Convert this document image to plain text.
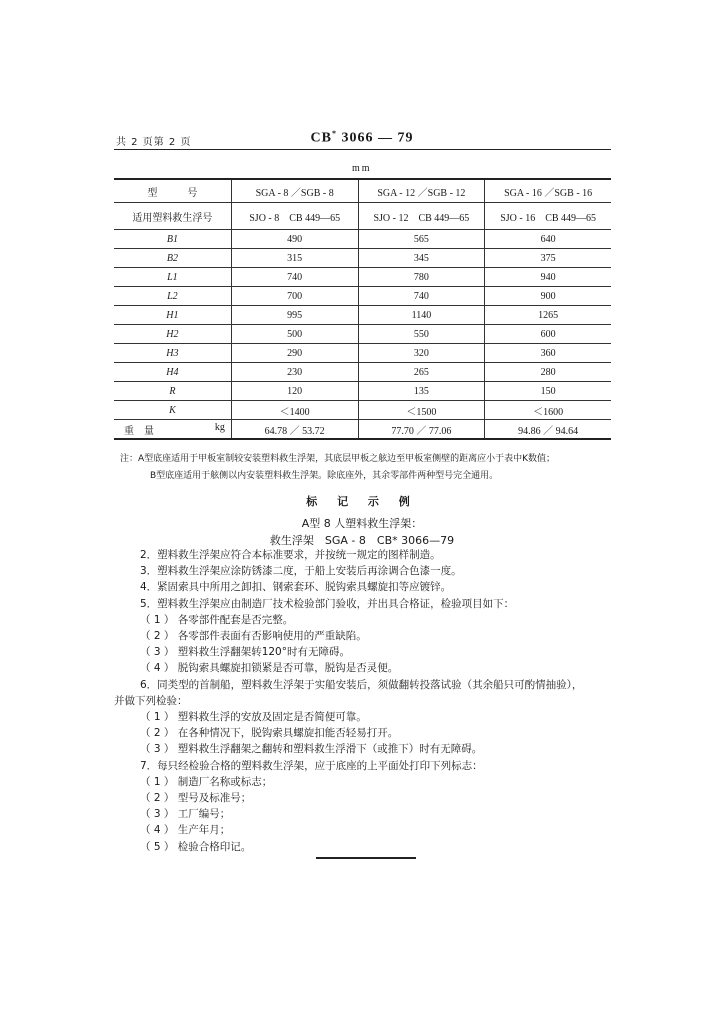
共 2 页第 2 页	CB* 3066 — 79
mm
型　　　号	SGA - 8 ／SGB - 8	SGA - 12 ／SGB - 12	SGA - 16 ／SGB - 16
适用塑料救生浮号	SJO - 8　CB 449—65	SJO - 12　CB 449—65	SJO - 16　CB 449—65
B1	490	565	640
B2	315	345	375
L1	740	780	940
L2	700	740	900
H1	995	1140	1265
H2	500	550	600
H3	290	320	360
H4	230	265	280
R	120	135	150
K	＜1400	＜1500	＜1600

重　量 kg	64.78 ／ 53.72	77.70 ／ 77.06	94.86 ／ 94.64
注：A型底座适用于甲板室制较安装塑料救生浮架，其底层甲板之舷边至甲板室侧壁的距离应小于表中K数值；
B型底座适用于舷侧以内安装塑料救生浮架。除底座外，其余零部件两种型号完全通用。
标 记 示 例
A型 8 人塑料救生浮架：
救生浮架　SGA - 8　CB* 3066—79
2．塑料救生浮架应符合本标准要求，并按统一规定的图样制造。
3．塑料救生浮架应涂防锈漆二度，于船上安装后再涂调合色漆一度。
4．紧固索具中所用之卸扣、钢索套环、脱钩索具螺旋扣等应镀锌。
5．塑料救生浮架应由制造厂技术检验部门验收，并出具合格证，检验项目如下：
（ 1 ） 各零部件配套是否完整。
（ 2 ） 各零部件表面有否影响使用的严重缺陷。
（ 3 ） 塑料救生浮翻架转120°时有无障碍。
（ 4 ） 脱钩索具螺旋扣锁紧是否可靠，脱钩是否灵便。
6．同类型的首制船，塑料救生浮架于实船安装后，须做翻转投落试验（其余船只可酌情抽验），
并做下列检验：
（ 1 ） 塑料救生浮的安放及固定是否简便可靠。
（ 2 ） 在各种情况下，脱钩索具螺旋扣能否轻易打开。
（ 3 ） 塑料救生浮翻架之翻转和塑料救生浮滑下（或推下）时有无障碍。
7．每只经检验合格的塑料救生浮架，应于底座的上平面处打印下列标志：
（ 1 ） 制造厂名称或标志；
（ 2 ） 型号及标准号；
（ 3 ） 工厂编号；
（ 4 ） 生产年月；
（ 5 ） 检验合格印记。
